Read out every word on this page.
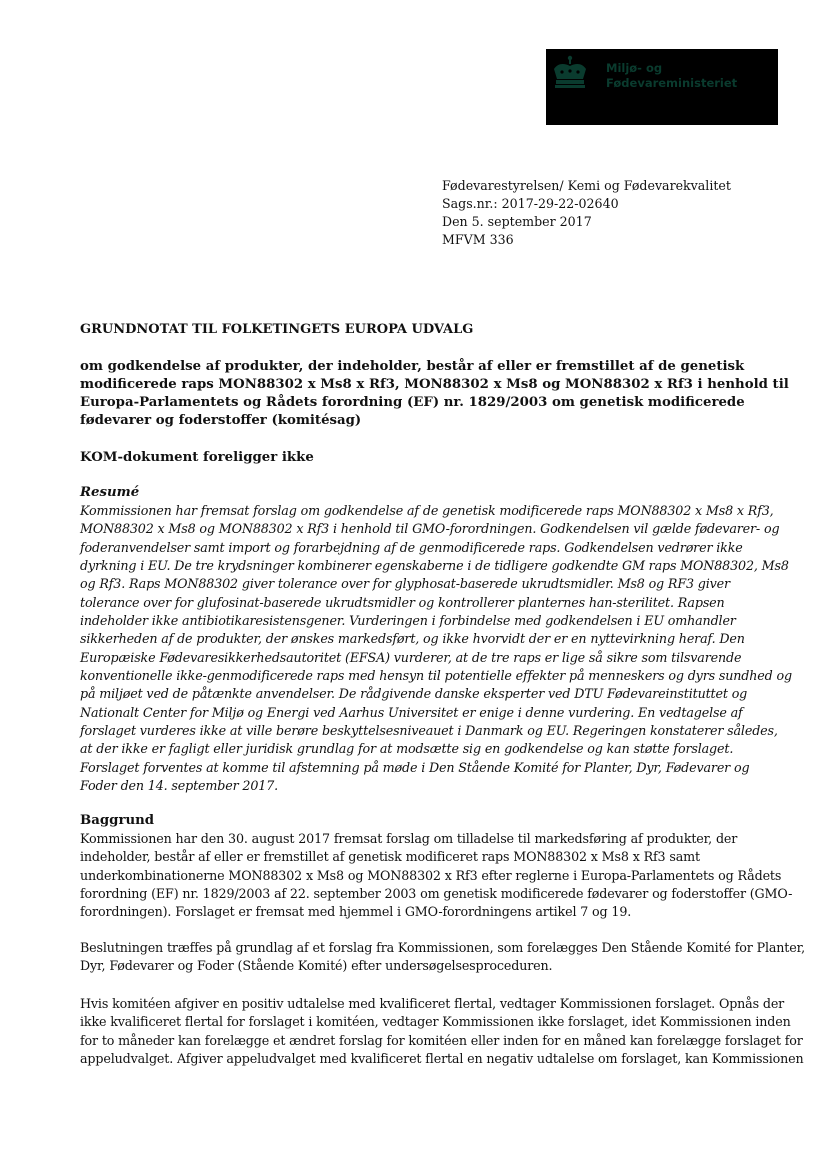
Miljø- og
Fødevareministeriet
Fødevarestyrelsen/ Kemi og Fødevarekvalitet
Sags.nr.: 2017-29-22-02640
Den 5. september 2017
MFVM 336
GRUNDNOTAT TIL FOLKETINGETS EUROPA UDVALG
om godkendelse af produkter, der indeholder, består af eller er fremstillet af de genetisk
modificerede raps MON88302 x Ms8 x Rf3, MON88302 x Ms8 og MON88302 x Rf3 i henhold til
Europa-Parlamentets og Rådets forordning (EF) nr. 1829/2003 om genetisk modificerede
fødevarer og foderstoffer (komitésag)
KOM-dokument foreligger ikke
Resumé
Kommissionen har fremsat forslag om godkendelse af de genetisk modificerede raps MON88302 x Ms8 x Rf3,
MON88302 x Ms8 og MON88302 x Rf3 i henhold til GMO-forordningen. Godkendelsen vil gælde fødevarer- og
foderanvendelser samt import og forarbejdning af de genmodificerede raps. Godkendelsen vedrører ikke
dyrkning i EU. De tre krydsninger kombinerer egenskaberne i de tidligere godkendte GM raps MON88302, Ms8
og Rf3. Raps MON88302 giver tolerance over for glyphosat-baserede ukrudtsmidler. Ms8 og RF3 giver
tolerance over for glufosinat-baserede ukrudtsmidler og kontrollerer planternes han-sterilitet. Rapsen
indeholder ikke antibiotikaresistensgener. Vurderingen i forbindelse med godkendelsen i EU omhandler
sikkerheden af de produkter, der ønskes markedsført, og ikke hvorvidt der er en nyttevirkning heraf. Den
Europæiske Fødevaresikkerhedsautoritet (EFSA) vurderer, at de tre raps er lige så sikre som tilsvarende
konventionelle ikke-genmodificerede raps med hensyn til potentielle effekter på menneskers og dyrs sundhed og
på miljøet ved de påtænkte anvendelser. De rådgivende danske eksperter ved DTU Fødevareinstituttet og
Nationalt Center for Miljø og Energi ved Aarhus Universitet er enige i denne vurdering. En vedtagelse af
forslaget vurderes ikke at ville berøre beskyttelsesniveauet i Danmark og EU. Regeringen konstaterer således,
at der ikke er fagligt eller juridisk grundlag for at modsætte sig en godkendelse og kan støtte forslaget.
Forslaget forventes at komme til afstemning på møde i Den Stående Komité for Planter, Dyr, Fødevarer og
Foder den 14. september 2017.
Baggrund
Kommissionen har den 30. august 2017 fremsat forslag om tilladelse til markedsføring af produkter, der
indeholder, består af eller er fremstillet af genetisk modificeret raps MON88302 x Ms8 x Rf3 samt
underkombinationerne MON88302 x Ms8 og MON88302 x Rf3 efter reglerne i Europa-Parlamentets og Rådets
forordning (EF) nr. 1829/2003 af 22. september 2003 om genetisk modificerede fødevarer og foderstoffer (GMO-
forordningen). Forslaget er fremsat med hjemmel i GMO-forordningens artikel 7 og 19.
Beslutningen træffes på grundlag af et forslag fra Kommissionen, som forelægges Den Stående Komité for Planter,
Dyr, Fødevarer og Foder (Stående Komité) efter undersøgelsesproceduren.
Hvis komitéen afgiver en positiv udtalelse med kvalificeret flertal, vedtager Kommissionen forslaget. Opnås der
ikke kvalificeret flertal for forslaget i komitéen, vedtager Kommissionen ikke forslaget, idet Kommissionen inden
for to måneder kan forelægge et ændret forslag for komitéen eller inden for en måned kan forelægge forslaget for
appeludvalget. Afgiver appeludvalget med kvalificeret flertal en negativ udtalelse om forslaget, kan Kommissionen
